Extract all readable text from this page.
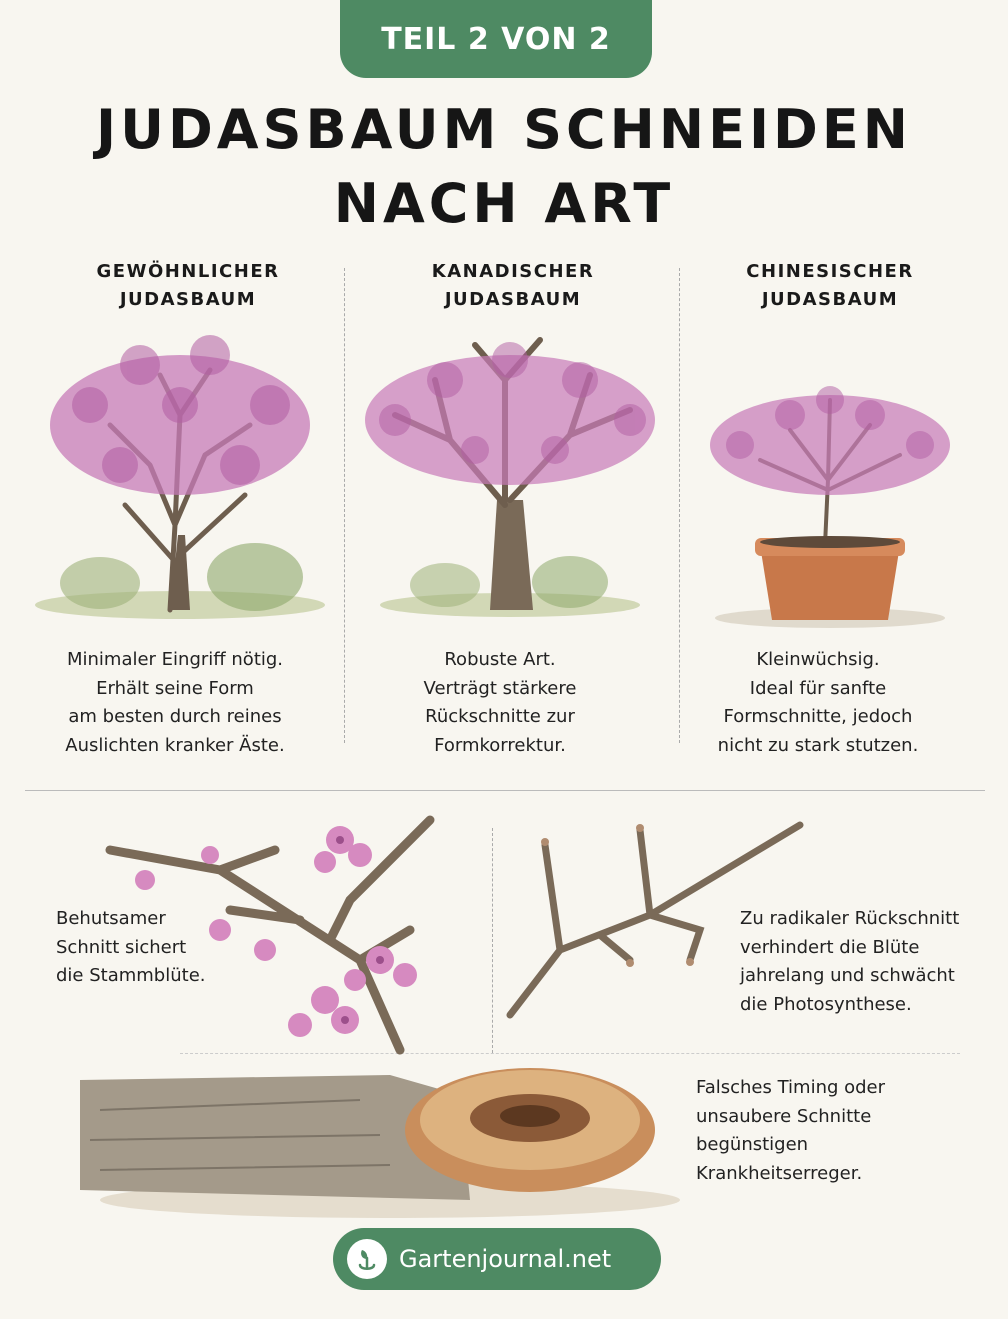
TEIL 2 VON 2
JUDASBAUM SCHNEIDEN
NACH ART
GEWÖHNLICHER
JUDASBAUM
KANADISCHER
JUDASBAUM
CHINESISCHER
JUDASBAUM
Minimaler Eingriff nötig.
Erhält seine Form
am besten durch reines
Auslichten kranker Äste.
Robuste Art.
Verträgt stärkere
Rückschnitte zur
Formkorrektur.
Kleinwüchsig.
Ideal für sanfte
Formschnitte, jedoch
nicht zu stark stutzen.
Behutsamer
Schnitt sichert
die Stammblüte.
Zu radikaler Rückschnitt
verhindert die Blüte
jahrelang und schwächt
die Photosynthese.
Falsches Timing oder
unsaubere Schnitte
begünstigen
Krankheitserreger.
Gartenjournal.net
